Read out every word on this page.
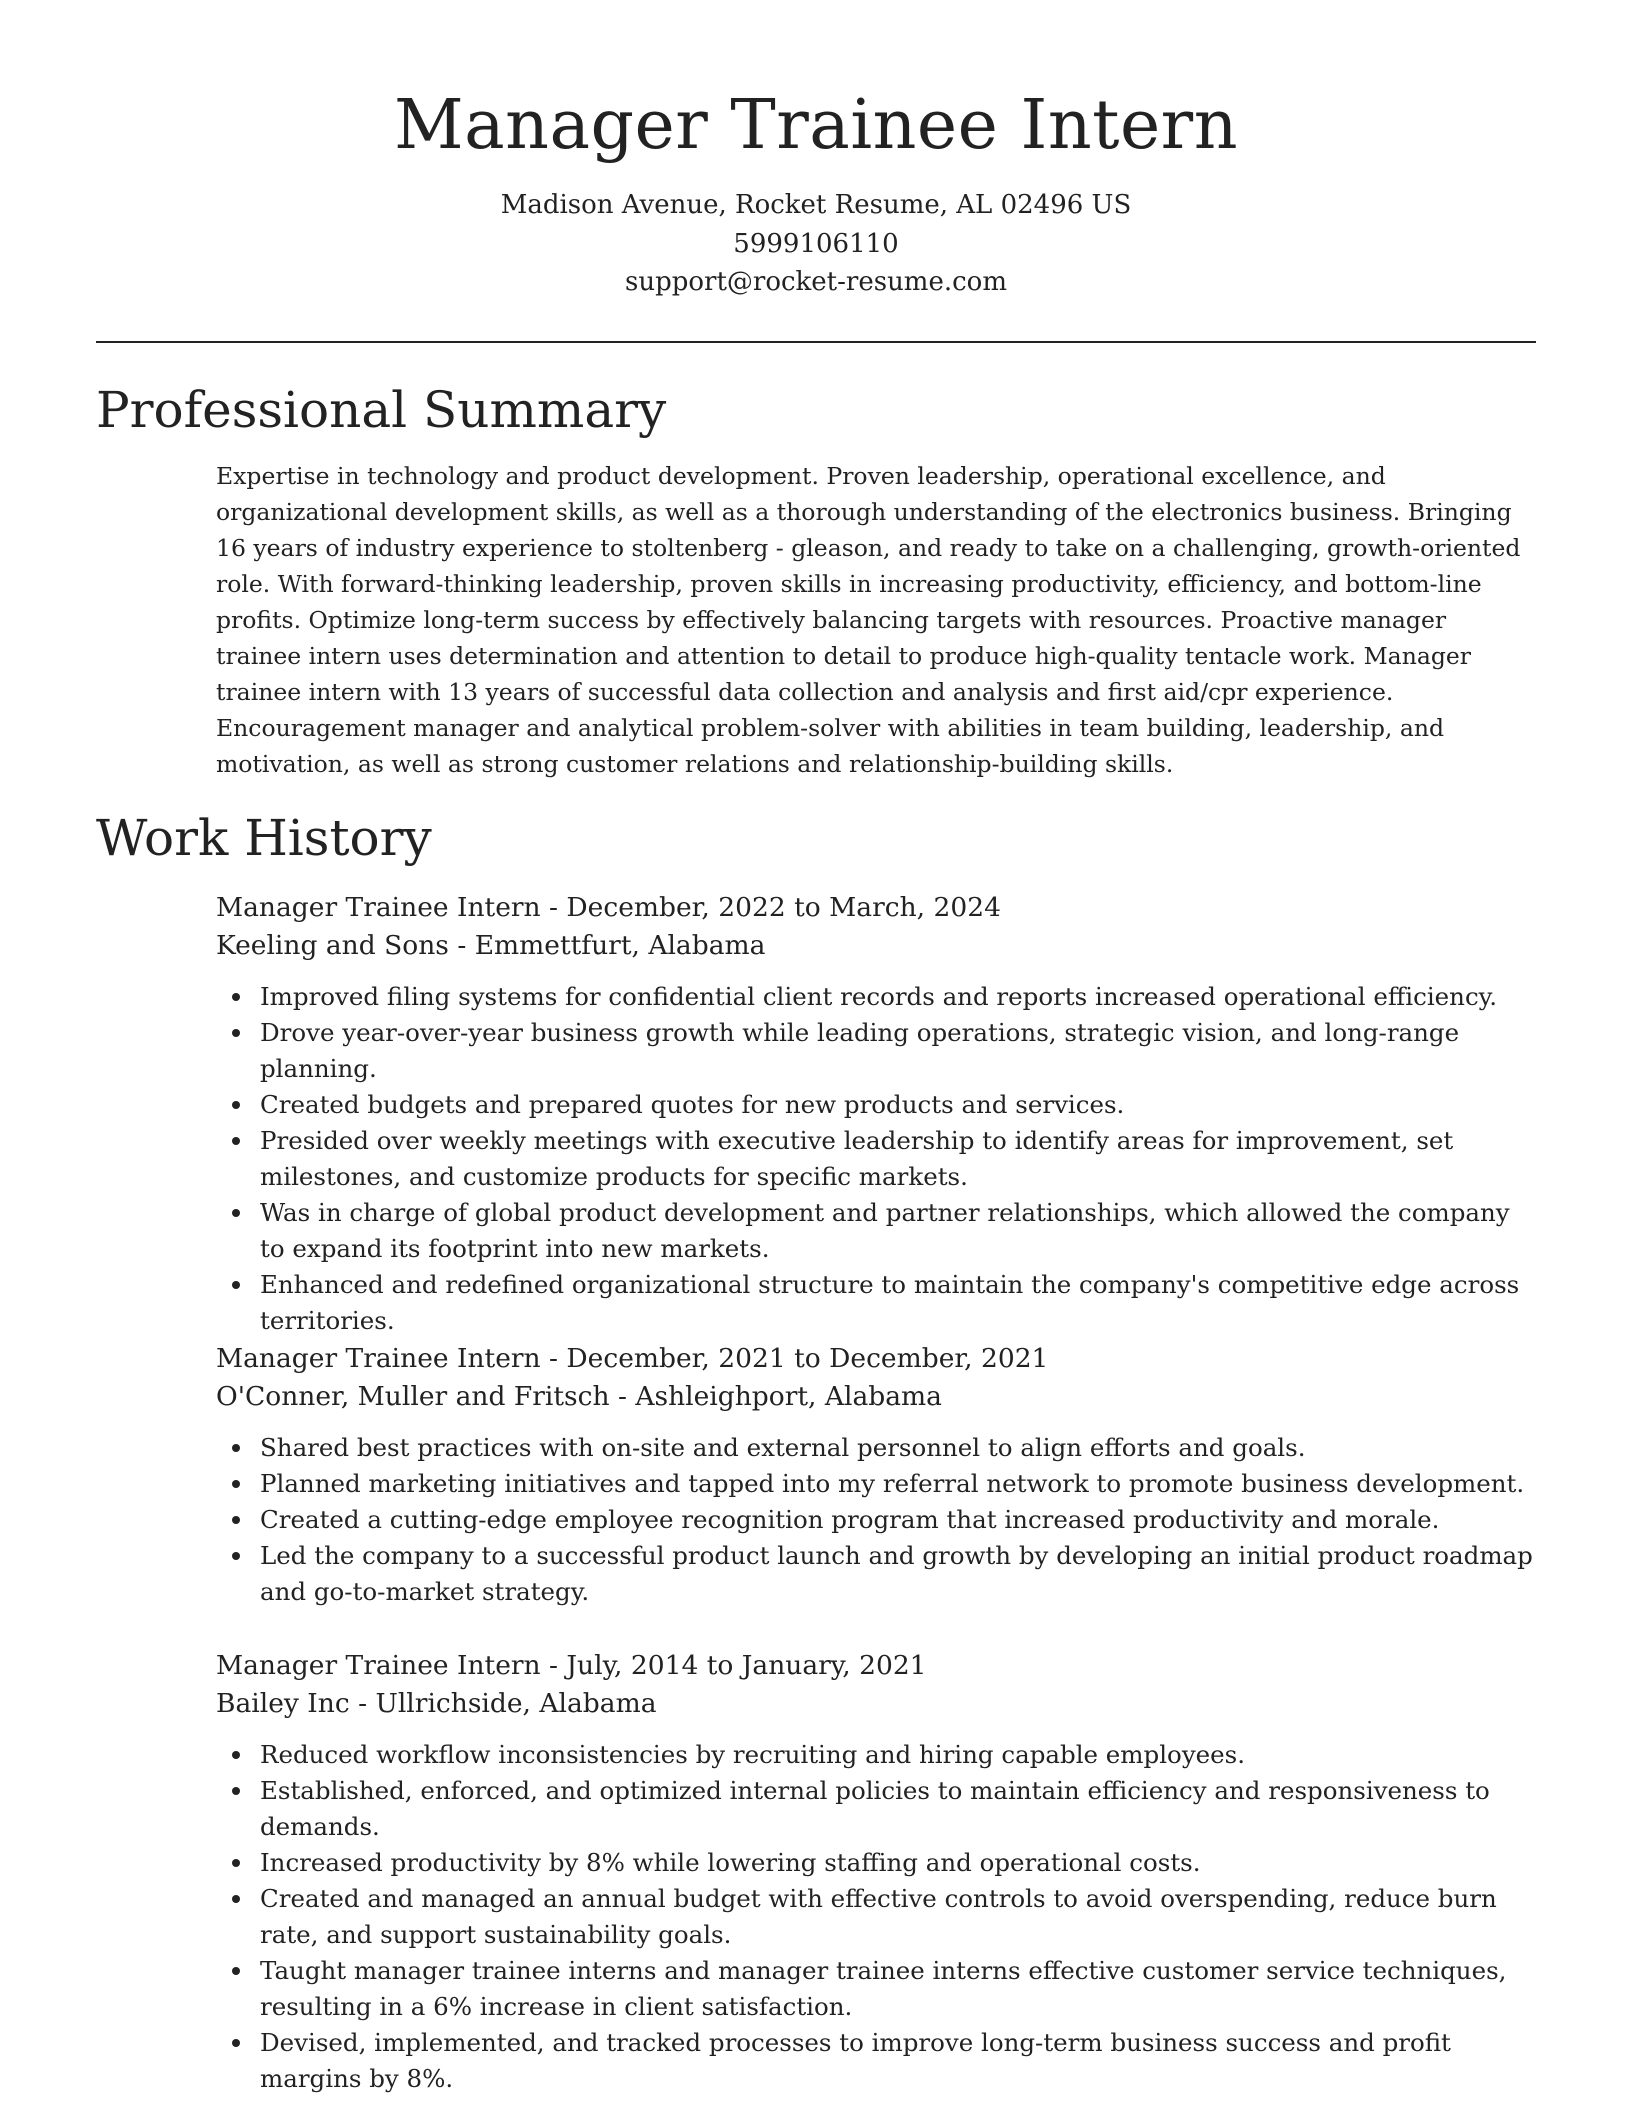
Manager Trainee Intern
Madison Avenue, Rocket Resume, AL 02496 US
5999106110
support@rocket-resume.com
Professional Summary

Expertise in technology and product development. Proven leadership, operational excellence, and organizational development skills, as well as a thorough understanding of the electronics business. Bringing 16 years of industry experience to stoltenberg - gleason, and ready to take on a challenging, growth-oriented role. With forward-thinking leadership, proven skills in increasing productivity, efficiency, and bottom-line profits. Optimize long-term success by effectively balancing targets with resources. Proactive manager trainee intern uses determination and attention to detail to produce high-quality tentacle work. Manager trainee intern with 13 years of successful data collection and analysis and first aid/cpr experience. Encouragement manager and analytical problem-solver with abilities in team building, leadership, and motivation, as well as strong customer relations and relationship-building skills.

Work History
Manager Trainee Intern - December, 2022 to March, 2024
Keeling and Sons - Emmettfurt, Alabama
Improved filing systems for confidential client records and reports increased operational efficiency.
Drove year-over-year business growth while leading operations, strategic vision, and long-range planning.
Created budgets and prepared quotes for new products and services.
Presided over weekly meetings with executive leadership to identify areas for improvement, set milestones, and customize products for specific markets.
Was in charge of global product development and partner relationships, which allowed the company to expand its footprint into new markets.
Enhanced and redefined organizational structure to maintain the company's competitive edge across territories.
Manager Trainee Intern - December, 2021 to December, 2021
O'Conner, Muller and Fritsch - Ashleighport, Alabama
Shared best practices with on-site and external personnel to align efforts and goals.
Planned marketing initiatives and tapped into my referral network to promote business development.
Created a cutting-edge employee recognition program that increased productivity and morale.
Led the company to a successful product launch and growth by developing an initial product roadmap and go-to-market strategy.
Manager Trainee Intern - July, 2014 to January, 2021
Bailey Inc - Ullrichside, Alabama
Reduced workflow inconsistencies by recruiting and hiring capable employees.
Established, enforced, and optimized internal policies to maintain efficiency and responsiveness to demands.
Increased productivity by 8% while lowering staffing and operational costs.
Created and managed an annual budget with effective controls to avoid overspending, reduce burn rate, and support sustainability goals.
Taught manager trainee interns and manager trainee interns effective customer service techniques, resulting in a 6% increase in client satisfaction.
Devised, implemented, and tracked processes to improve long-term business success and profit margins by 8%.
